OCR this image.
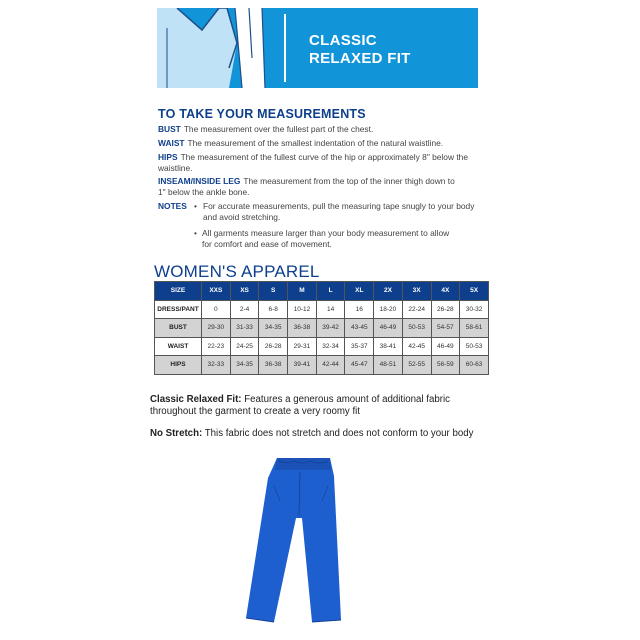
CLASSIC
RELAXED FIT
TO TAKE YOUR MEASUREMENTS
BUST The measurement over the fullest part of the chest.
WAIST The measurement of the smallest indentation of the natural waistline.
HIPS The measurement of the fullest curve of the hip or approximately 8" below the waistline.
INSEAM/INSIDE LEG The measurement from the top of the inner thigh down to 1" below the ankle bone.
NOTES • For accurate measurements, pull the measuring tape snugly to your body and avoid stretching.
• All garments measure larger than your body measurement to allow for comfort and ease of movement.
WOMEN'S APPAREL
SIZE	XXS	XS	S	M	L	XL	2X	3X	4X	5X
DRESS/PANT	0	2-4	6-8	10-12	14	16	18-20	22-24	26-28	30-32
BUST	29-30	31-33	34-35	36-38	39-42	43-45	46-49	50-53	54-57	58-61
WAIST	22-23	24-25	26-28	29-31	32-34	35-37	38-41	42-45	46-49	50-53
HIPS	32-33	34-35	36-38	39-41	42-44	45-47	48-51	52-55	56-59	60-63
Classic Relaxed Fit: Features a generous amount of additional fabric throughout the garment to create a very roomy fit
No Stretch: This fabric does not stretch and does not conform to your body
